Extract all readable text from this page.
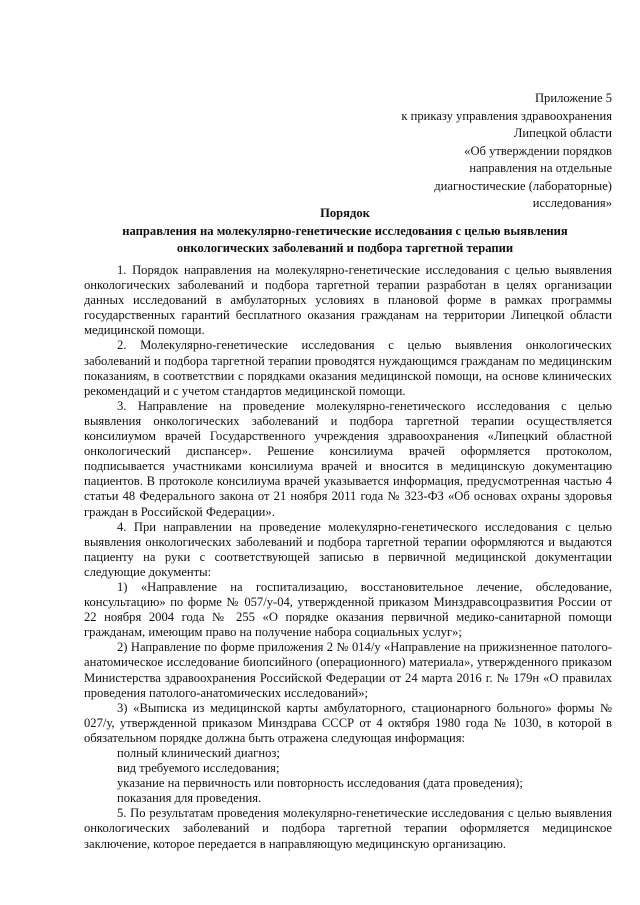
Приложение 5
к приказу управления здравоохранения
Липецкой области
«Об утверждении порядков
направления на отдельные
диагностические (лабораторные)
исследования»
Порядок
направления на молекулярно-генетические исследования с целью выявления
онкологических заболеваний и подбора таргетной терапии

1. Порядок направления на молекулярно-генетические исследования с целью выявления онкологических заболеваний и подбора таргетной терапии разработан в целях организации данных исследований в амбулаторных условиях в плановой форме в рамках программы государственных гарантий бесплатного оказания гражданам на территории Липецкой области медицинской помощи.

2. Молекулярно-генетические исследования с целью выявления онкологических заболеваний и подбора таргетной терапии проводятся нуждающимся гражданам по медицинским показаниям, в соответствии с порядками оказания медицинской помощи, на основе клинических рекомендаций и с учетом стандартов медицинской помощи.

3. Направление на проведение молекулярно-генетического исследования с целью выявления онкологических заболеваний и подбора таргетной терапии осуществляется консилиумом врачей Государственного учреждения здравоохранения «Липецкий областной онкологический диспансер». Решение консилиума врачей оформляется протоколом, подписывается участниками консилиума врачей и вносится в медицинскую документацию пациентов. В протоколе консилиума врачей указывается информация, предусмотренная частью 4 статьи 48 Федерального закона от 21 ноября 2011 года № 323-ФЗ «Об основах охраны здоровья граждан в Российской Федерации».

4. При направлении на проведение молекулярно-генетического исследования с целью выявления онкологических заболеваний и подбора таргетной терапии оформляются и выдаются пациенту на руки с соответствующей записью в первичной медицинской документации следующие документы:

1) «Направление на госпитализацию, восстановительное лечение, обследование, консультацию» по форме № 057/у-04, утвержденной приказом Минздравсоцразвития России от 22 ноября 2004 года № 255 «О порядке оказания первичной медико-санитарной помощи гражданам, имеющим право на получение набора социальных услуг»;

2) Направление по форме приложения 2 № 014/у «Направление на прижизненное патолого-анатомическое исследование биопсийного (операционного) материала», утвержденного приказом Министерства здравоохранения Российской Федерации от 24 марта 2016 г. № 179н «О правилах проведения патолого-анатомических исследований»;

3) «Выписка из медицинской карты амбулаторного, стационарного больного» формы № 027/у, утвержденной приказом Минздрава СССР от 4 октября 1980 года № 1030, в которой в обязательном порядке должна быть отражена следующая информация:

полный клинический диагноз;

вид требуемого исследования;

указание на первичность или повторность исследования (дата проведения);

показания для проведения.

5. По результатам проведения молекулярно-генетические исследования с целью выявления онкологических заболеваний и подбора таргетной терапии оформляется медицинское заключение, которое передается в направляющую медицинскую организацию.
